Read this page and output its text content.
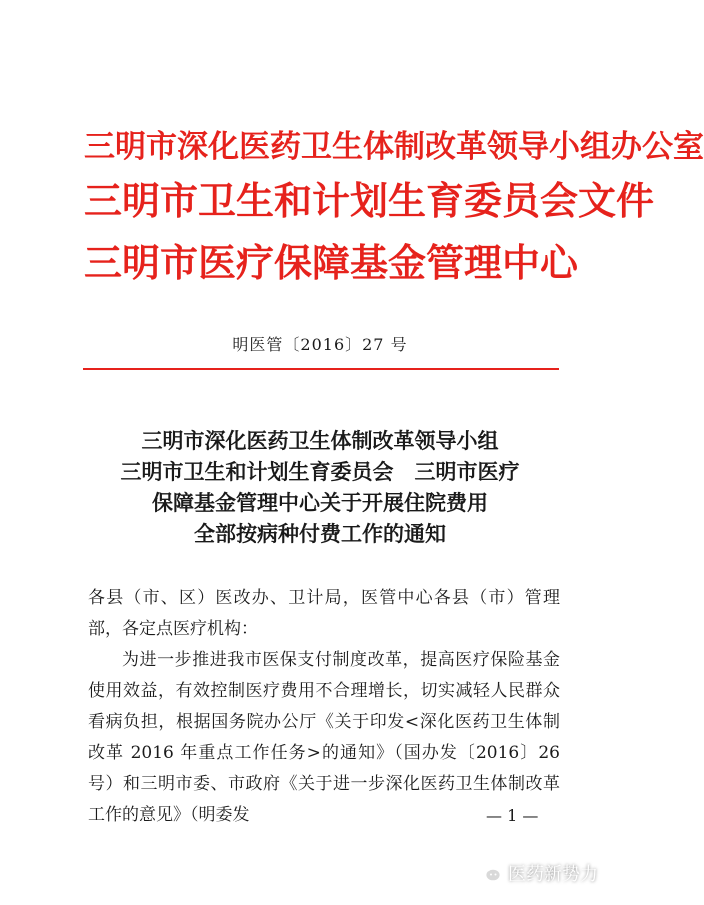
三明市深化医药卫生体制改革领导小组办公室
三明市卫生和计划生育委员会文件
三明市医疗保障基金管理中心
明医管〔2016〕27 号
三明市深化医药卫生体制改革领导小组
三明市卫生和计划生育委员会　三明市医疗
保障基金管理中心关于开展住院费用
全部按病种付费工作的通知

各县（市、区）医改办、卫计局，医管中心各县（市）管理部，各定点医疗机构：

为进一步推进我市医保支付制度改革，提高医疗保险基金使用效益，有效控制医疗费用不合理增长，切实减轻人民群众看病负担，根据国务院办公厅《关于印发<深化医药卫生体制改革 2016 年重点工作任务>的通知》（国办发〔2016〕26 号）和三明市委、市政府《关于进一步深化医药卫生体制改革工作的意见》（明委发	— 1 —
医药新势力
